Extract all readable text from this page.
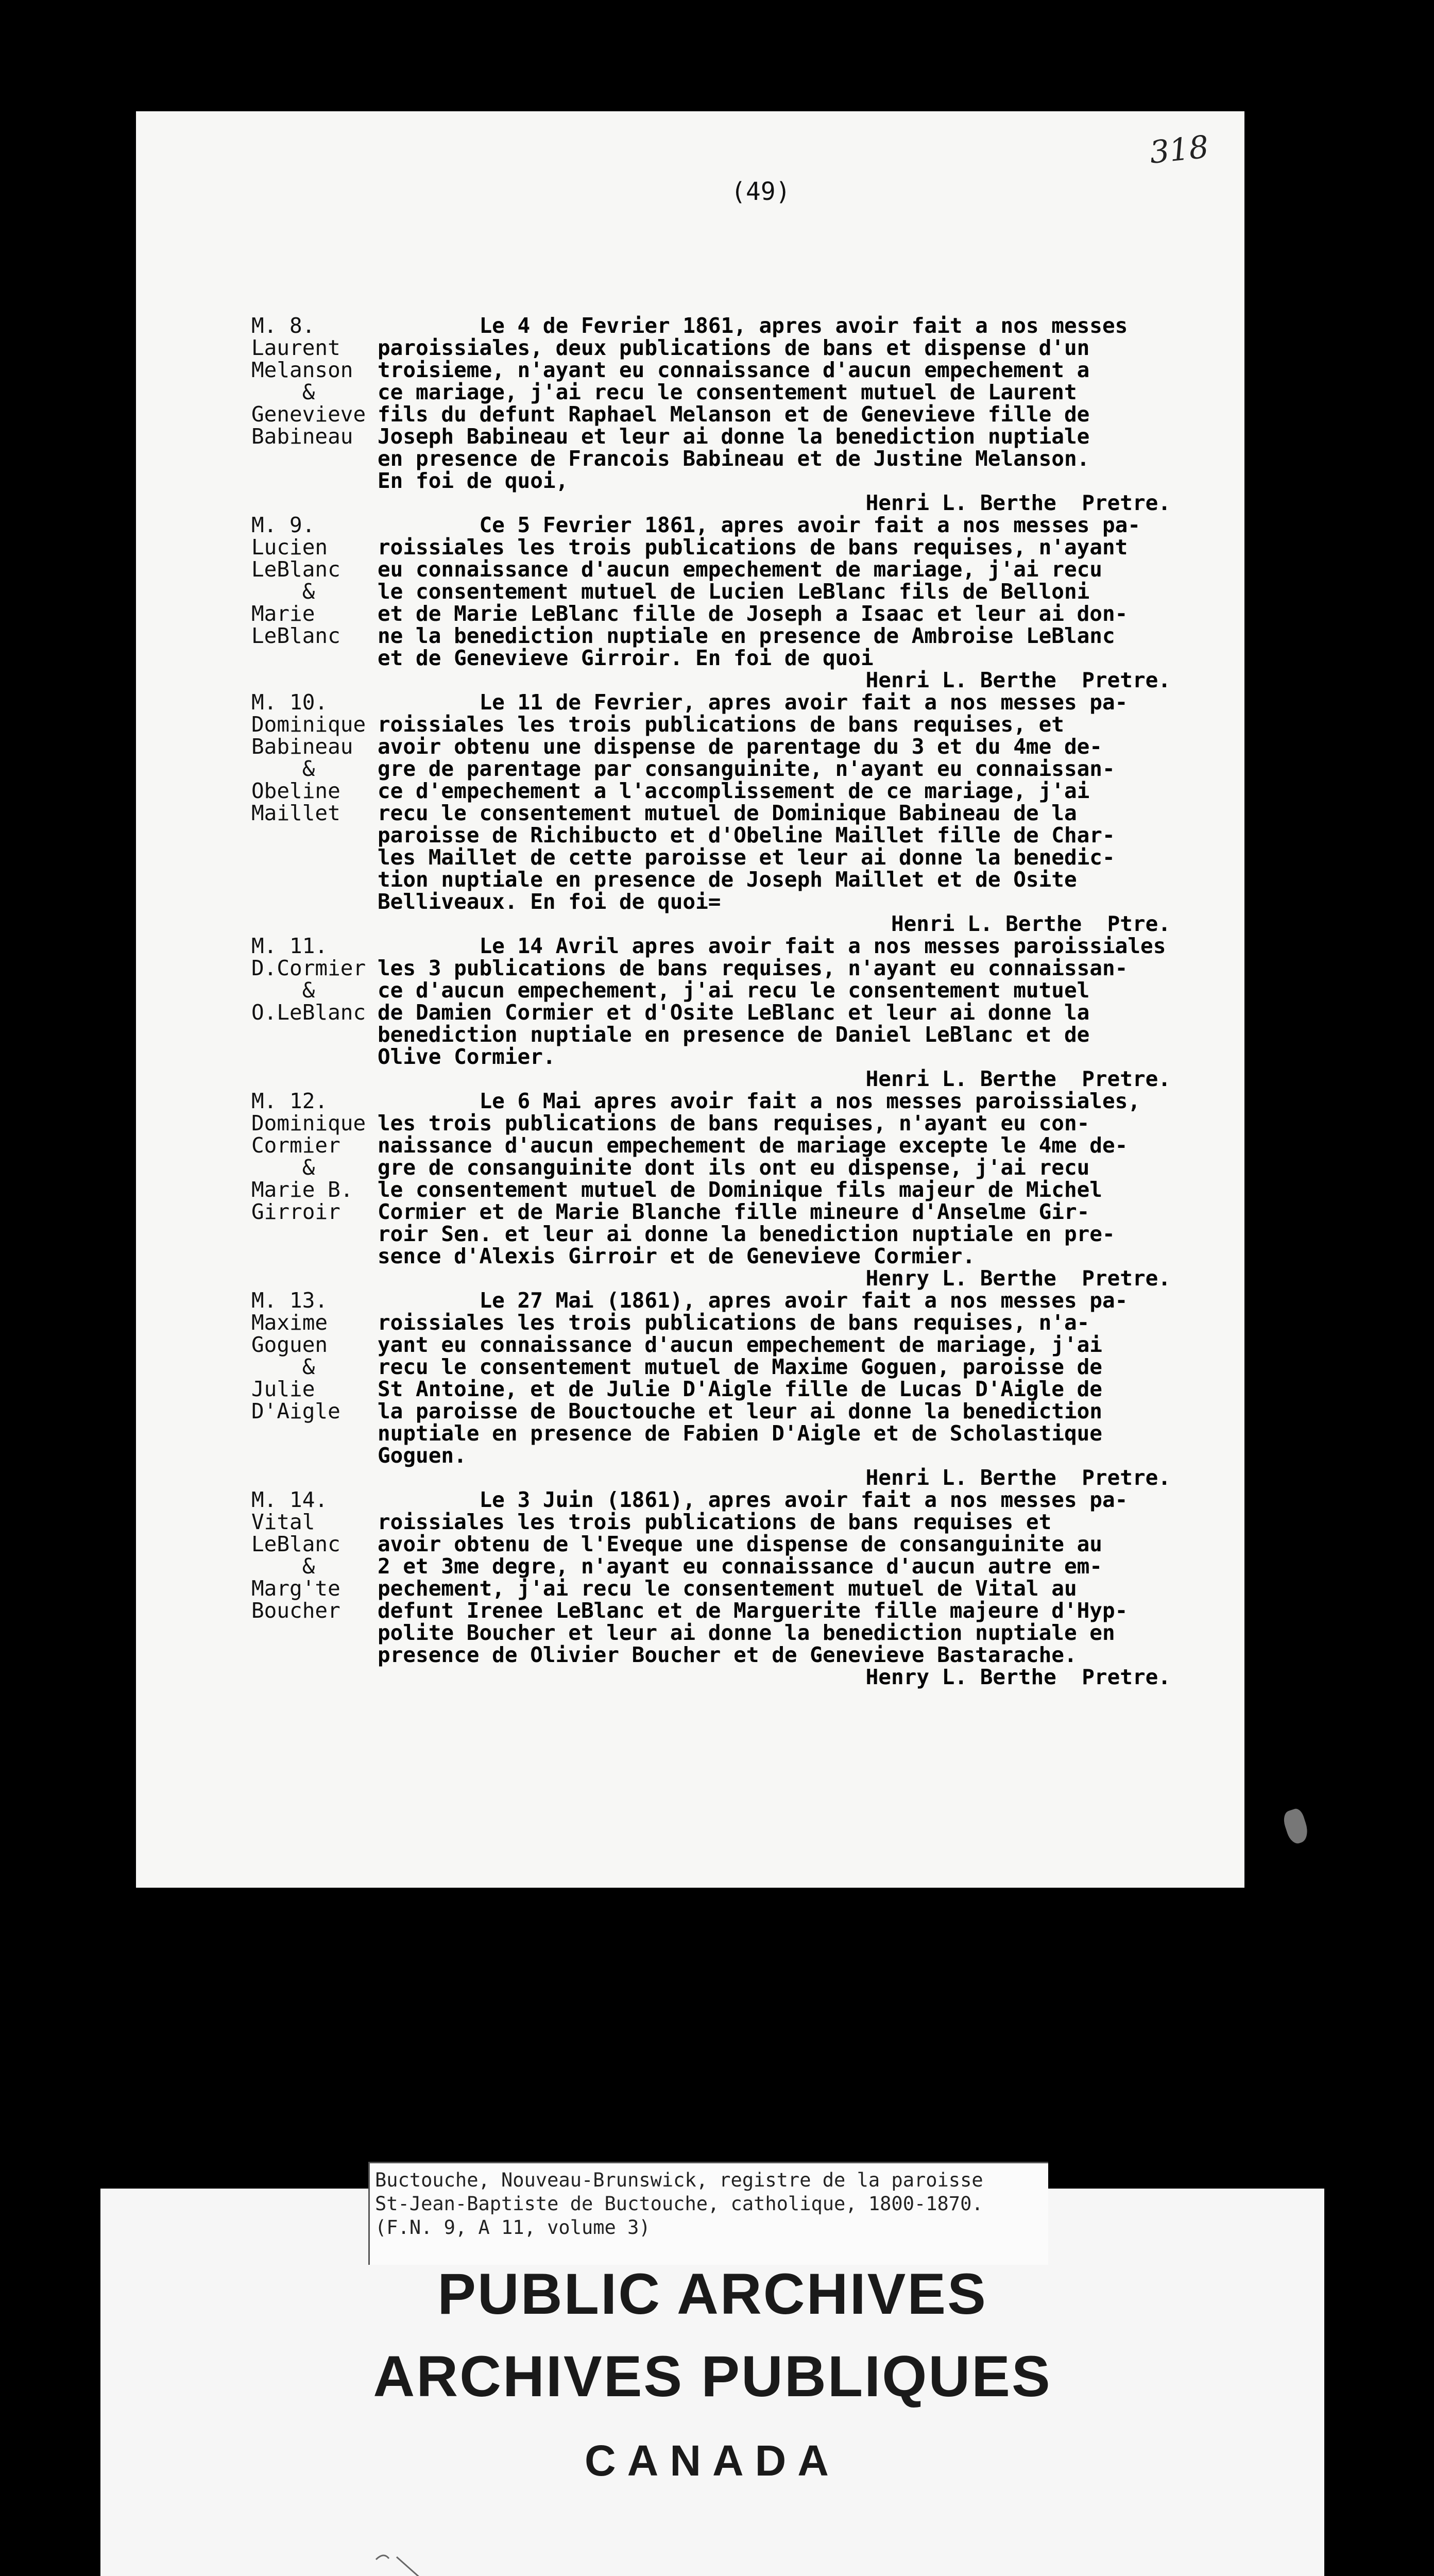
318
(49)
M. 8.
Laurent
Melanson
&
Genevieve
Babineau
Le 4 de Fevrier 1861, apres avoir fait a nos messes
paroissiales, deux publications de bans et dispense d'un
troisieme, n'ayant eu connaissance d'aucun empechement a
ce mariage, j'ai recu le consentement mutuel de Laurent
fils du defunt Raphael Melanson et de Genevieve fille de
Joseph Babineau et leur ai donne la benediction nuptiale
en presence de Francois Babineau et de Justine Melanson.
En foi de quoi,
Henri L. Berthe  Pretre.
M. 9.
Lucien
LeBlanc
&
Marie
LeBlanc
Ce 5 Fevrier 1861, apres avoir fait a nos messes pa-
roissiales les trois publications de bans requises, n'ayant
eu connaissance d'aucun empechement de mariage, j'ai recu
le consentement mutuel de Lucien LeBlanc fils de Belloni
et de Marie LeBlanc fille de Joseph a Isaac et leur ai don-
ne la benediction nuptiale en presence de Ambroise LeBlanc
et de Genevieve Girroir. En foi de quoi
Henri L. Berthe  Pretre.
M. 10.
Dominique
Babineau
&
Obeline
Maillet
Le 11 de Fevrier, apres avoir fait a nos messes pa-
roissiales les trois publications de bans requises, et
avoir obtenu une dispense de parentage du 3 et du 4me de-
gre de parentage par consanguinite, n'ayant eu connaissan-
ce d'empechement a l'accomplissement de ce mariage, j'ai
recu le consentement mutuel de Dominique Babineau de la
paroisse de Richibucto et d'Obeline Maillet fille de Char-
les Maillet de cette paroisse et leur ai donne la benedic-
tion nuptiale en presence de Joseph Maillet et de Osite
Belliveaux. En foi de quoi=
Henri L. Berthe  Ptre.
M. 11.
D.Cormier
&
O.LeBlanc
Le 14 Avril apres avoir fait a nos messes paroissiales
les 3 publications de bans requises, n'ayant eu connaissan-
ce d'aucun empechement, j'ai recu le consentement mutuel
de Damien Cormier et d'Osite LeBlanc et leur ai donne la
benediction nuptiale en presence de Daniel LeBlanc et de
Olive Cormier.
Henri L. Berthe  Pretre.
M. 12.
Dominique
Cormier
&
Marie B.
Girroir
Le 6 Mai apres avoir fait a nos messes paroissiales,
les trois publications de bans requises, n'ayant eu con-
naissance d'aucun empechement de mariage excepte le 4me de-
gre de consanguinite dont ils ont eu dispense, j'ai recu
le consentement mutuel de Dominique fils majeur de Michel
Cormier et de Marie Blanche fille mineure d'Anselme Gir-
roir Sen. et leur ai donne la benediction nuptiale en pre-
sence d'Alexis Girroir et de Genevieve Cormier.
Henry L. Berthe  Pretre.
M. 13.
Maxime
Goguen
&
Julie
D'Aigle
Le 27 Mai (1861), apres avoir fait a nos messes pa-
roissiales les trois publications de bans requises, n'a-
yant eu connaissance d'aucun empechement de mariage, j'ai
recu le consentement mutuel de Maxime Goguen, paroisse de
St Antoine, et de Julie D'Aigle fille de Lucas D'Aigle de
la paroisse de Bouctouche et leur ai donne la benediction
nuptiale en presence de Fabien D'Aigle et de Scholastique
Goguen.
Henri L. Berthe  Pretre.
M. 14.
Vital
LeBlanc
&
Marg'te
Boucher
Le 3 Juin (1861), apres avoir fait a nos messes pa-
roissiales les trois publications de bans requises et
avoir obtenu de l'Eveque une dispense de consanguinite au
2 et 3me degre, n'ayant eu connaissance d'aucun autre em-
pechement, j'ai recu le consentement mutuel de Vital au
defunt Irenee LeBlanc et de Marguerite fille majeure d'Hyp-
polite Boucher et leur ai donne la benediction nuptiale en
presence de Olivier Boucher et de Genevieve Bastarache.
Henry L. Berthe  Pretre.
Buctouche, Nouveau-Brunswick, registre de la paroisse
St-Jean-Baptiste de Buctouche, catholique, 1800-1870.
(F.N. 9, A 11, volume 3)
PUBLIC ARCHIVES
ARCHIVES PUBLIQUES
CANADA
